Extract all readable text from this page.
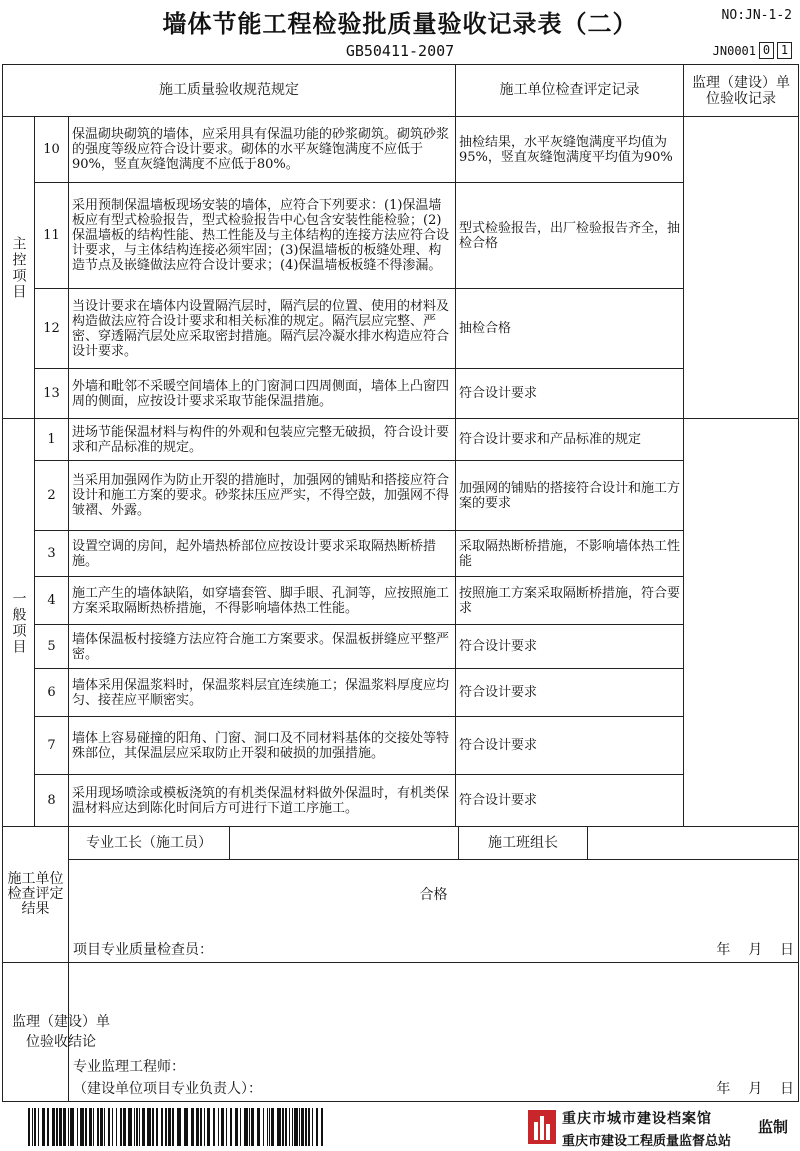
墙体节能工程检验批质量验收记录表（二）	NO:JN-1-2
GB50411-2007	JN0001 0 1
施工质量验收规范规定			施工单位检查评定记录	监理（建设）单位验收记录

主控项目	10	保温砌块砌筑的墙体，应采用具有保温功能的砂浆砌筑。砌筑砂浆的强度等级应符合设计要求。砌体的水平灰缝饱满度不应低于90%，竖直灰缝饱满度不应低于80%。	抽检结果，水平灰缝饱满度平均值为95%，竖直灰缝饱满度平均值为90%	
	11	采用预制保温墙板现场安装的墙体，应符合下列要求：(1)保温墙板应有型式检验报告，型式检验报告中心包含安装性能检验；(2)保温墙板的结构性能、热工性能及与主体结构的连接方法应符合设计要求，与主体结构连接必须牢固；(3)保温墙板的板缝处理、构造节点及嵌缝做法应符合设计要求；(4)保温墙板板缝不得渗漏。	型式检验报告，出厂检验报告齐全，抽检合格	
	12	当设计要求在墙体内设置隔汽层时，隔汽层的位置、使用的材料及构造做法应符合设计要求和相关标准的规定。隔汽层应完整、严密、穿透隔汽层处应采取密封措施。隔汽层冷凝水排水构造应符合设计要求。	抽检合格	
	13	外墙和毗邻不采暖空间墙体上的门窗洞口四周侧面，墙体上凸窗四周的侧面，应按设计要求采取节能保温措施。	符合设计要求	

一般项目	1	进场节能保温材料与构件的外观和包装应完整无破损，符合设计要求和产品标准的规定。	符合设计要求和产品标准的规定	
	2	当采用加强网作为防止开裂的措施时，加强网的铺贴和搭接应符合设计和施工方案的要求。砂浆抹压应严实，不得空鼓，加强网不得皱褶、外露。	加强网的铺贴的搭接符合设计和施工方案的要求	
	3	设置空调的房间，起外墙热桥部位应按设计要求采取隔热断桥措施。	采取隔热断桥措施，不影响墙体热工性能	
	4	施工产生的墙体缺陷，如穿墙套管、脚手眼、孔洞等，应按照施工方案采取隔断热桥措施，不得影响墙体热工性能。	按照施工方案采取隔断桥措施，符合要求	
	5	墙体保温板村接缝方法应符合施工方案要求。保温板拼缝应平整严密。	符合设计要求	
	6	墙体采用保温浆料时，保温浆料层宜连续施工；保温浆料厚度应均匀、接茬应平顺密实。	符合设计要求	
	7	墙体上容易碰撞的阳角、门窗、洞口及不同材料基体的交接处等特殊部位，其保温层应采取防止开裂和破损的加强措施。	符合设计要求	
	8	采用现场喷涂或模板浇筑的有机类保温材料做外保温时，有机类保温材料应达到陈化时间后方可进行下道工序施工。	符合设计要求	
施工单位检查评定结果		专业工长（施工员） 施工班组长		

		合格
项目专业质量检查员： 年    月    日		

监理（建设）单位验收结论		专业监理工程师：
（建设单位项目专业负责人）： 年    月    日		
重庆市城市建设档案馆
重庆市建设工程质量监督总站
监制
